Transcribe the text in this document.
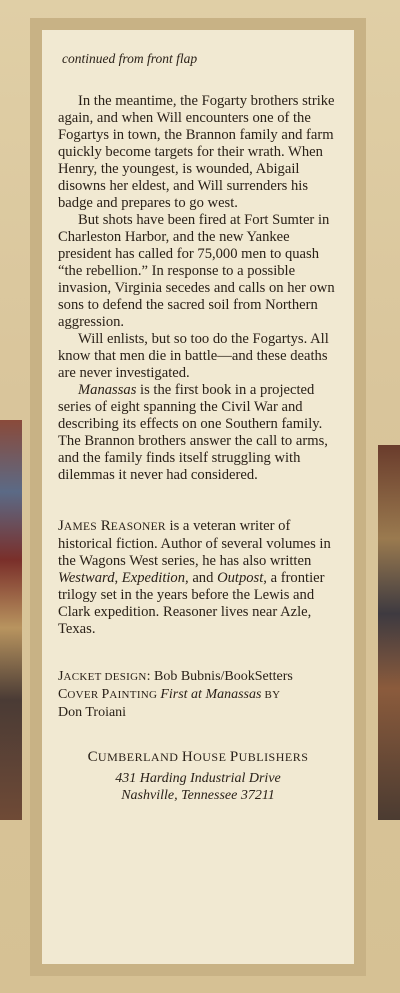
continued from front flap

In the meantime, the Fogarty brothers strike again, and when Will encounters one of the Fogartys in town, the Brannon family and farm quickly become targets for their wrath. When Henry, the youngest, is wounded, Abigail disowns her eldest, and Will surrenders his badge and prepares to go west.

But shots have been fired at Fort Sumter in Charleston Harbor, and the new Yankee president has called for 75,000 men to quash “the rebellion.” In response to a possible invasion, Virginia secedes and calls on her own sons to defend the sacred soil from Northern aggression.

Will enlists, but so too do the Fogartys. All know that men die in battle—and these deaths are never investigated.

Manassas is the first book in a projected series of eight spanning the Civil War and describing its effects on one Southern family. The Brannon brothers answer the call to arms, and the family finds itself struggling with dilemmas it never had considered.

JAMES REASONER is a veteran writer of historical fiction. Author of several volumes in the Wagons West series, he has also written Westward, Expedition, and Outpost, a frontier trilogy set in the years before the Lewis and Clark expedition. Reasoner lives near Azle, Texas.

JACKET DESIGN: Bob Bubnis/BookSetters
COVER PAINTING First at Manassas BY
Don Troiani
CUMBERLAND HOUSE PUBLISHERS
431 Harding Industrial Drive
Nashville, Tennessee 37211
